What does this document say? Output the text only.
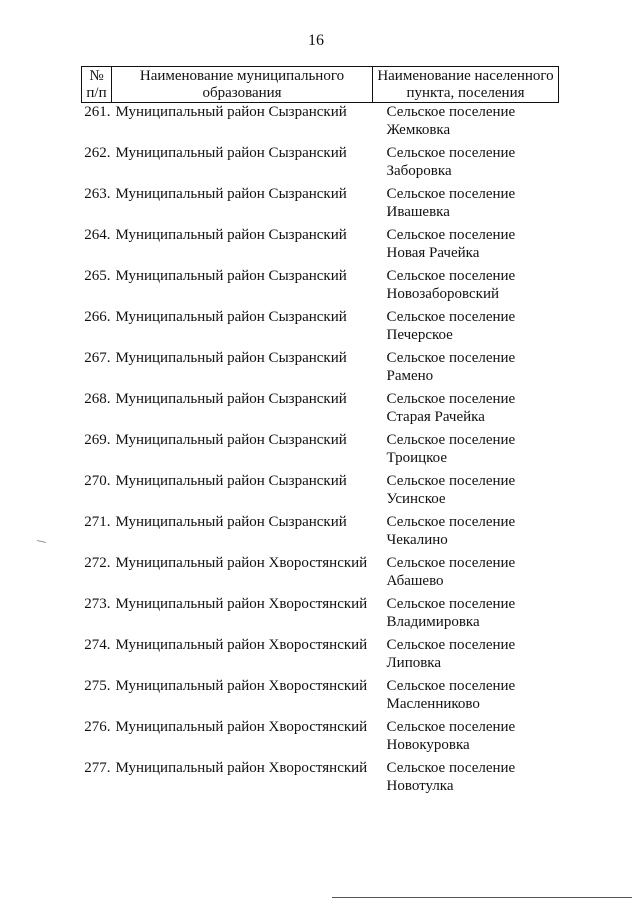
16
№ п/п	Наименование муниципального образования	Наименование населенного пункта, поселения
261.	Муниципальный район Сызранский	Сельское поселение Жемковка
262.	Муниципальный район Сызранский	Сельское поселение Заборовка
263.	Муниципальный район Сызранский	Сельское поселение Ивашевка
264.	Муниципальный район Сызранский	Сельское поселение Новая Рачейка
265.	Муниципальный район Сызранский	Сельское поселение Новозаборовский
266.	Муниципальный район Сызранский	Сельское поселение Печерское
267.	Муниципальный район Сызранский	Сельское поселение Рамено
268.	Муниципальный район Сызранский	Сельское поселение Старая Рачейка
269.	Муниципальный район Сызранский	Сельское поселение Троицкое
270.	Муниципальный район Сызранский	Сельское поселение Усинское
271.	Муниципальный район Сызранский	Сельское поселение Чекалино
272.	Муниципальный район Хворостянский	Сельское поселение Абашево
273.	Муниципальный район Хворостянский	Сельское поселение Владимировка
274.	Муниципальный район Хворостянский	Сельское поселение Липовка
275.	Муниципальный район Хворостянский	Сельское поселение Масленниково
276.	Муниципальный район Хворостянский	Сельское поселение Новокуровка
277.	Муниципальный район Хворостянский	Сельское поселение Новотулка
